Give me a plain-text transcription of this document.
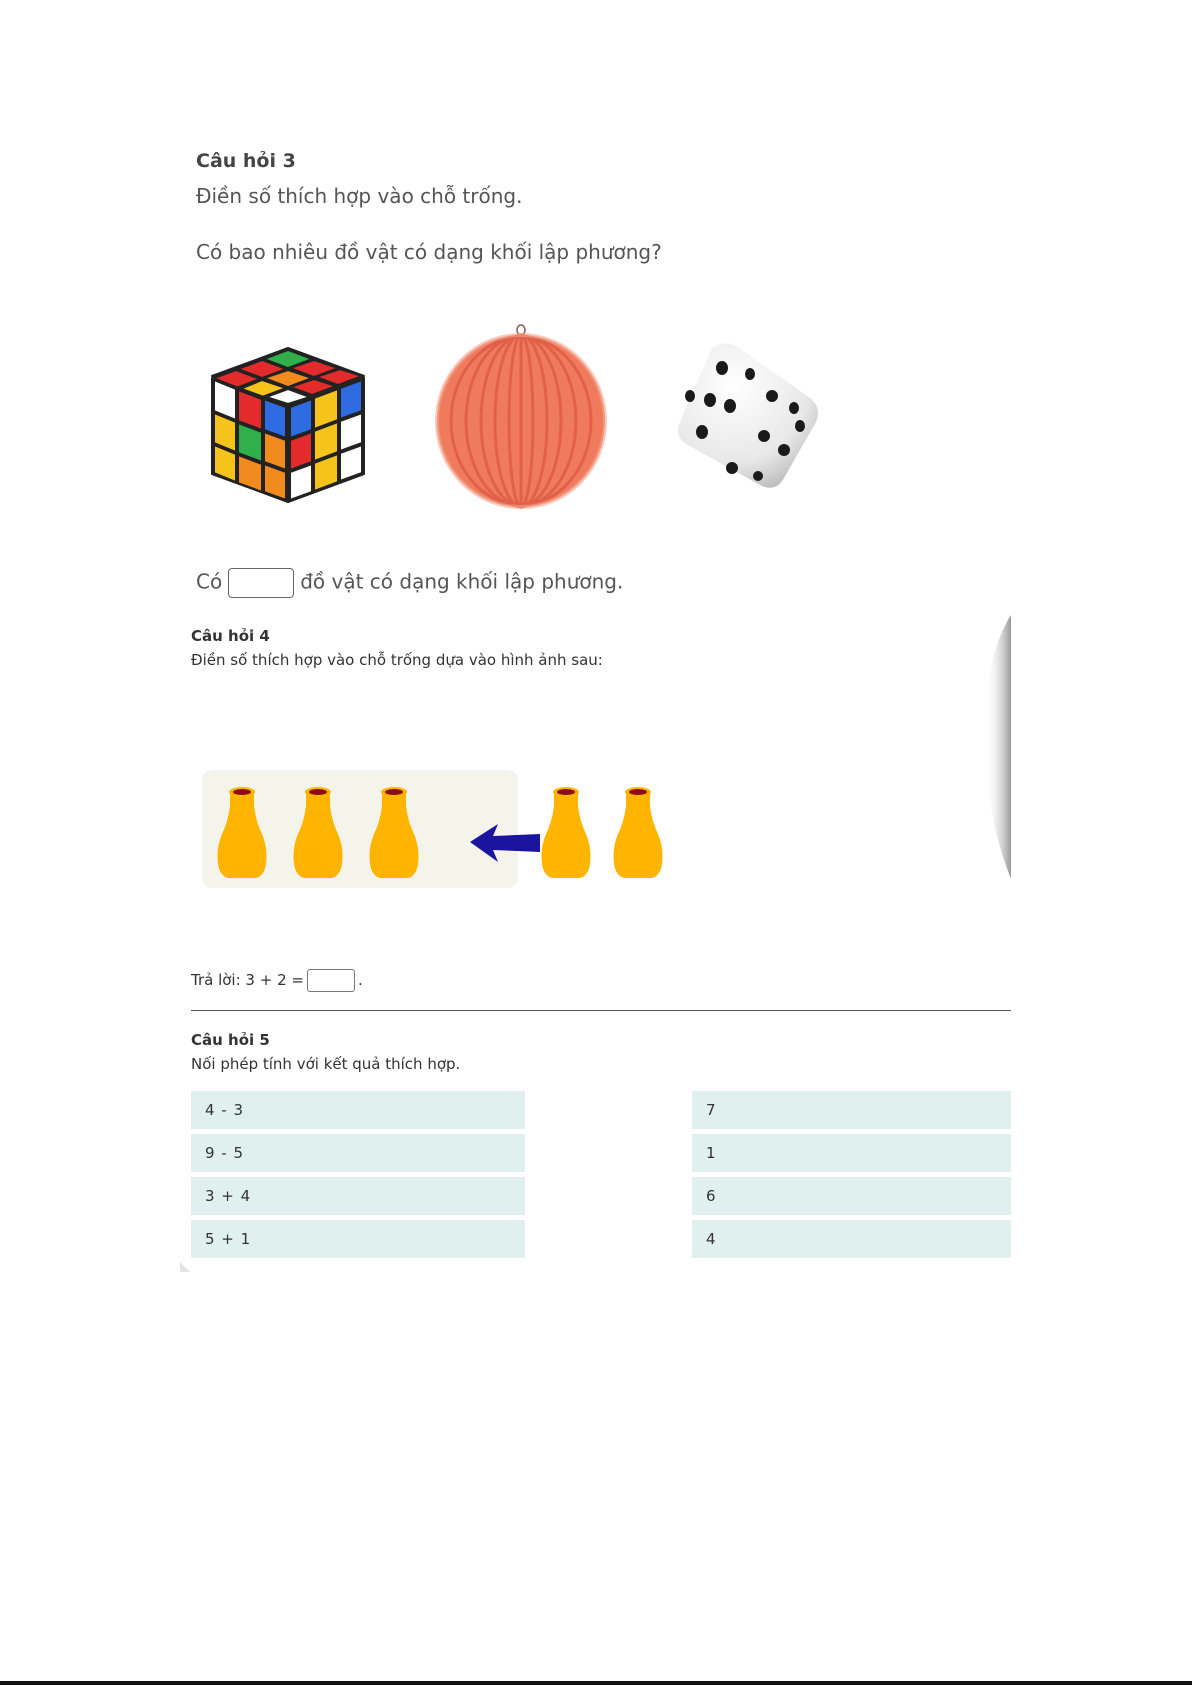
Câu hỏi 3

Điền số thích hợp vào chỗ trống.

Có bao nhiêu đồ vật có dạng khối lập phương?

Có	đồ vật có dạng khối lập phương.

Câu hỏi 4

Điền số thích hợp vào chỗ trống dựa vào hình ảnh sau:

Trả lời: 3 + 2 =	.

Câu hỏi 5

Nối phép tính với kết quả thích hợp.

4 - 3
9 - 5
3 + 4
5 + 1
7
1
6
4
